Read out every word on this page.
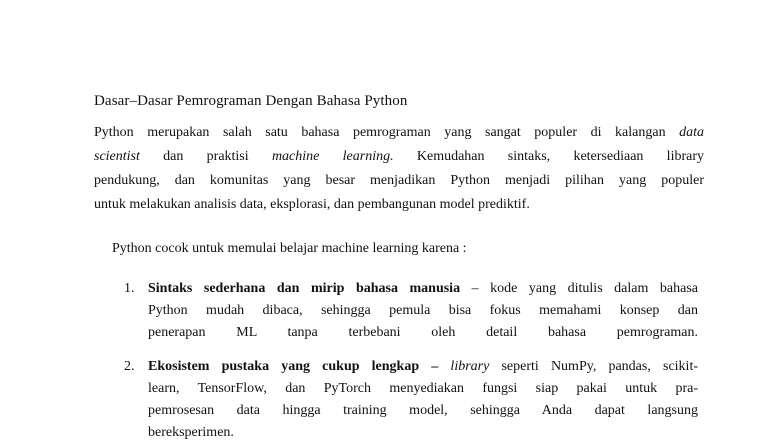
Dasar–Dasar Pemrograman Dengan Bahasa Python
Python merupakan salah satu bahasa pemrograman yang sangat populer di kalangan data
scientist dan praktisi machine learning. Kemudahan sintaks, ketersediaan library
pendukung, dan komunitas yang besar menjadikan Python menjadi pilihan yang populer
untuk melakukan analisis data, eksplorasi, dan pembangunan model prediktif.
Python cocok untuk memulai belajar machine learning karena :
1. Sintaks sederhana dan mirip bahasa manusia – kode yang ditulis dalam bahasa
Python mudah dibaca, sehingga pemula bisa fokus memahami konsep dan
penerapan ML tanpa terbebani oleh detail bahasa pemrograman.
2. Ekosistem pustaka yang cukup lengkap – library seperti NumPy, pandas, scikit-
learn, TensorFlow, dan PyTorch menyediakan fungsi siap pakai untuk pra-
pemrosesan data hingga training model, sehingga Anda dapat langsung
bereksperimen.
